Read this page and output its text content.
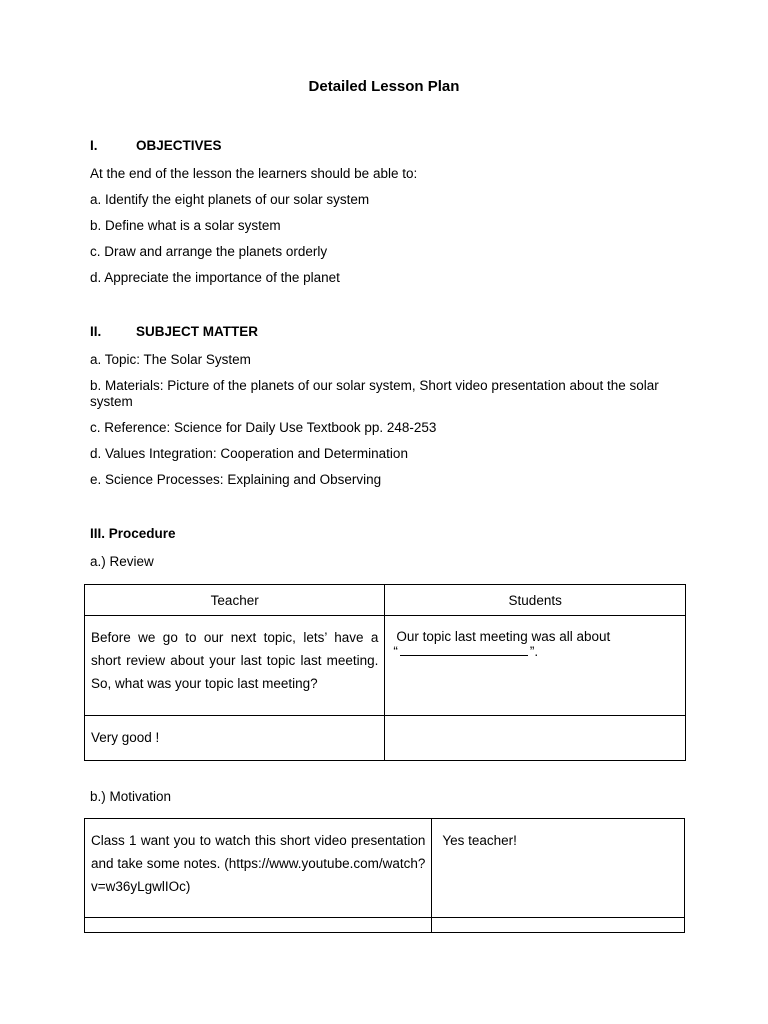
Detailed Lesson Plan
I.	OBJECTIVES
At the end of the lesson the learners should be able to:
a. Identify the eight planets of our solar system
b. Define what is a solar system
c. Draw and arrange the planets orderly
d. Appreciate the importance of the planet
II.	SUBJECT MATTER
a. Topic: The Solar System
b. Materials: Picture of the planets of our solar system, Short video presentation about the solar system
c. Reference: Science for Daily Use Textbook pp. 248-253
d. Values Integration: Cooperation and Determination
e. Science Processes: Explaining and Observing
III. Procedure
a.) Review
Teacher	Students

Before we go to our next topic, lets’ have a short review about your last topic last meeting. So, what was your topic last meeting?	Our topic last meeting was all about
“ ”.

Very good !	

b.) Motivation
Class 1 want you to watch this short video presentation and take some notes. (https://www.youtube.com/watch?v=w36yLgwlIOc)	Yes teacher!
